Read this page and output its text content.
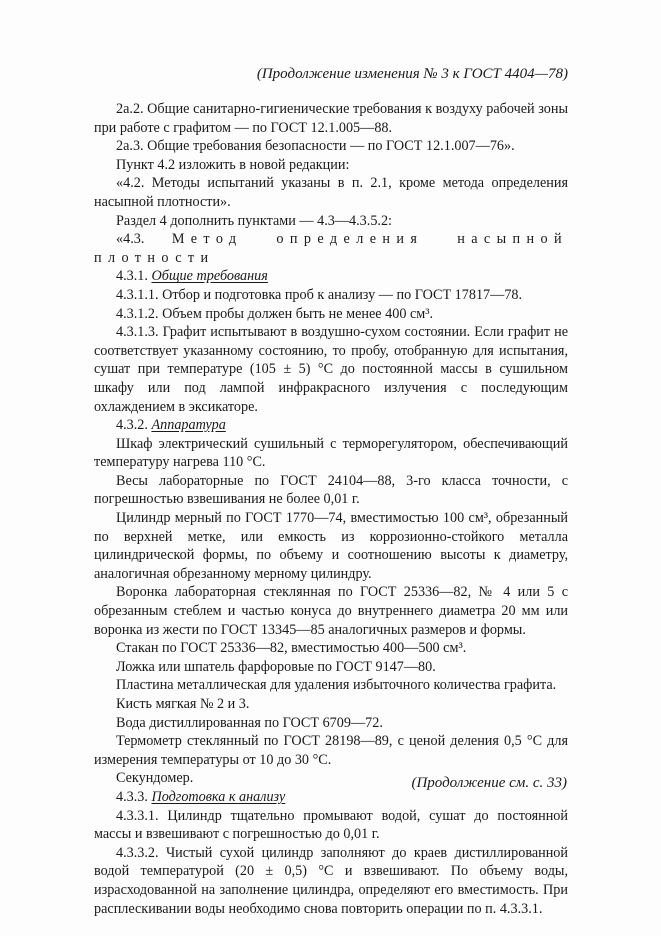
(Продолжение изменения № 3 к ГОСТ 4404—78)

2а.2. Общие санитарно-гигиенические требования к воздуху рабочей зоны при работе с графитом — по ГОСТ 12.1.005—88.

2а.3. Общие требования безопасности — по ГОСТ 12.1.007—76».

Пункт 4.2 изложить в новой редакции:

«4.2. Методы испытаний указаны в п. 2.1, кроме метода определения насыпной плотности».

Раздел 4 дополнить пунктами — 4.3—4.3.5.2:

«4.3. Метод определения насыпной плотности

4.3.1. Общие требования

4.3.1.1. Отбор и подготовка проб к анализу — по ГОСТ 17817—78.

4.3.1.2. Объем пробы должен быть не менее 400 см³.

4.3.1.3. Графит испытывают в воздушно-сухом состоянии. Если графит не соответствует указанному состоянию, то пробу, отобранную для испытания, сушат при температуре (105 ± 5) °С до постоянной массы в сушильном шкафу или под лампой инфракрасного излучения с последующим охлаждением в эксикаторе.

4.3.2. Аппаратура

Шкаф электрический сушильный с терморегулятором, обеспечивающий температуру нагрева 110 °С.

Весы лабораторные по ГОСТ 24104—88, 3-го класса точности, с погрешностью взвешивания не более 0,01 г.

Цилиндр мерный по ГОСТ 1770—74, вместимостью 100 см³, обрезанный по верхней метке, или емкость из коррозионно-стойкого металла цилиндрической формы, по объему и соотношению высоты к диаметру, аналогичная обрезанному мерному цилиндру.

Воронка лабораторная стеклянная по ГОСТ 25336—82, № 4 или 5 с обрезанным стеблем и частью конуса до внутреннего диаметра 20 мм или воронка из жести по ГОСТ 13345—85 аналогичных размеров и формы.

Стакан по ГОСТ 25336—82, вместимостью 400—500 см³.

Ложка или шпатель фарфоровые по ГОСТ 9147—80.

Пластина металлическая для удаления избыточного количества графита.

Кисть мягкая № 2 и 3.

Вода дистиллированная по ГОСТ 6709—72.

Термометр стеклянный по ГОСТ 28198—89, с ценой деления 0,5 °С для измерения температуры от 10 до 30 °С.

Секундомер.

4.3.3. Подготовка к анализу

4.3.3.1. Цилиндр тщательно промывают водой, сушат до постоянной массы и взвешивают с погрешностью до 0,01 г.

4.3.3.2. Чистый сухой цилиндр заполняют до краев дистиллированной водой температурой (20 ± 0,5) °С и взвешивают. По объему воды, израсходованной на заполнение цилиндра, определяют его вместимость. При расплескивании воды необходимо снова повторить операции по п. 4.3.3.1.

(Продолжение см. с. 33)
